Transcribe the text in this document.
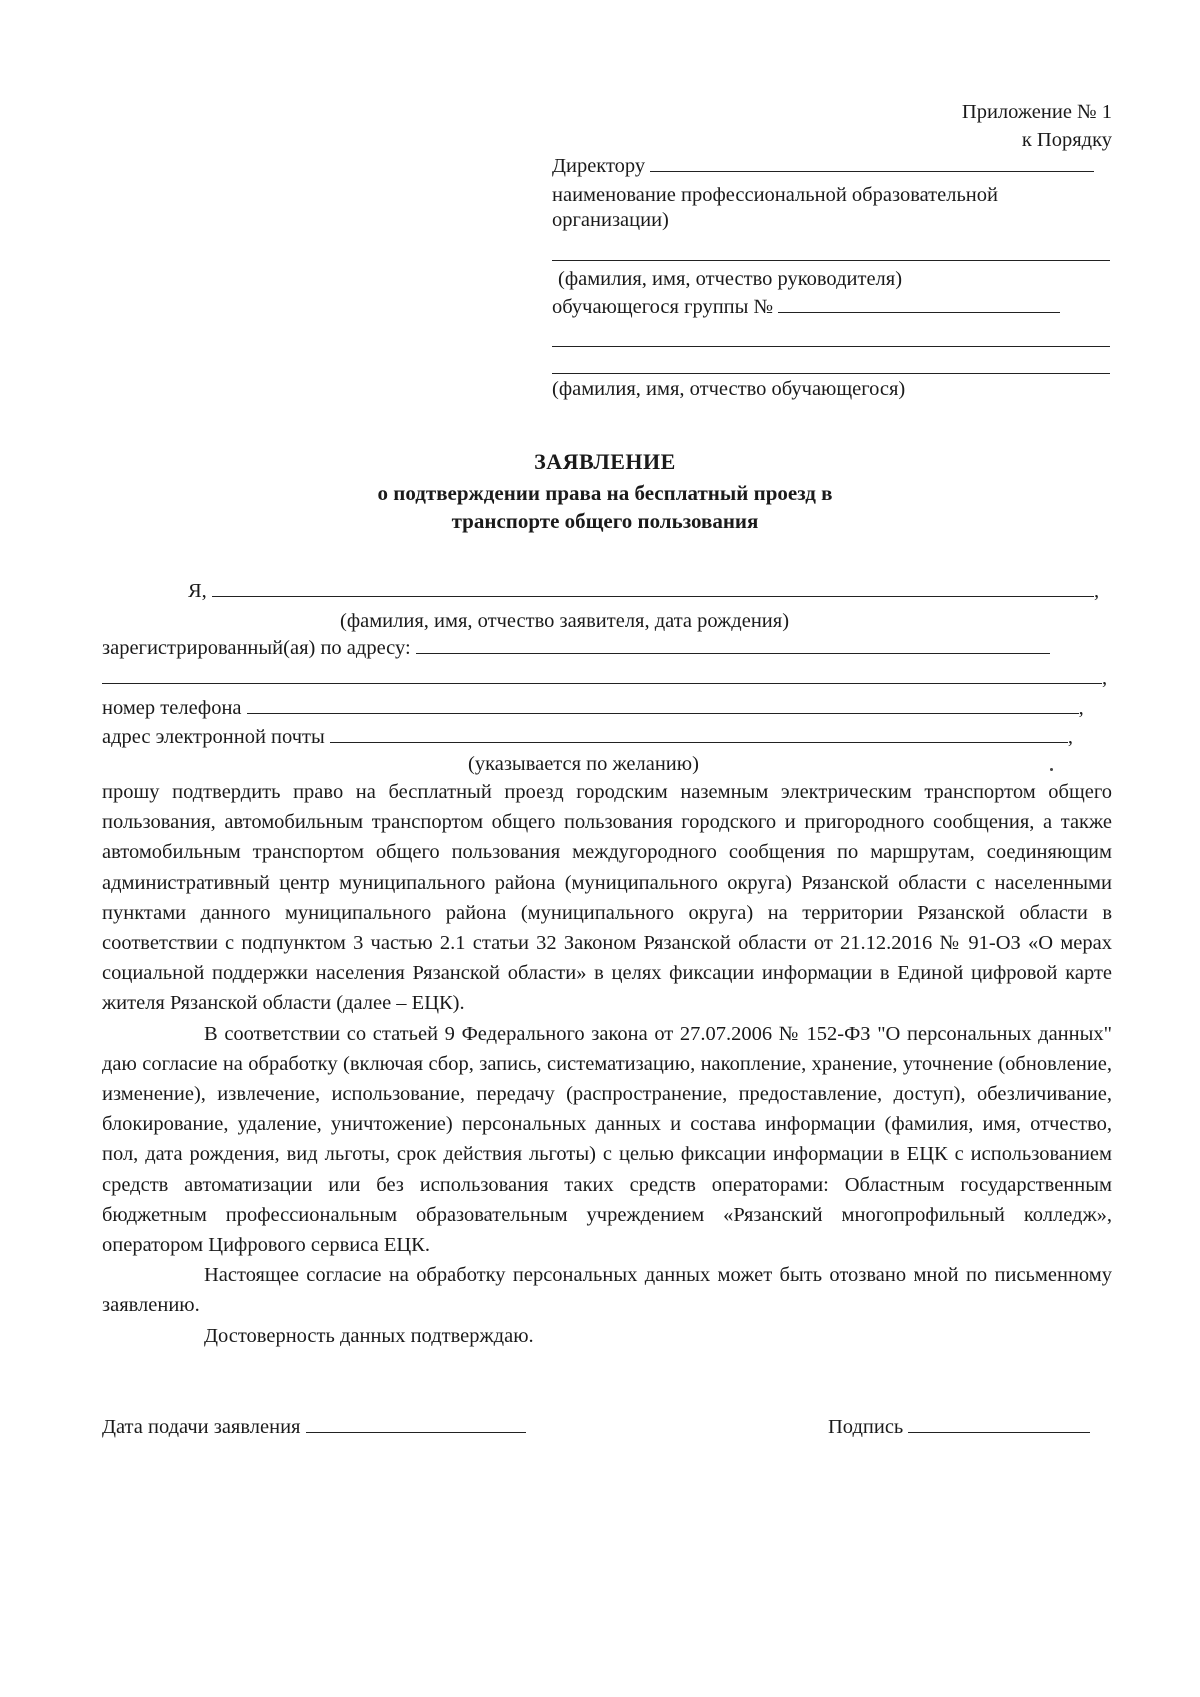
Приложение № 1
к Порядку
Директору
наименование профессиональной образовательной
организации)
(фамилия, имя, отчество руководителя)
обучающегося группы №
(фамилия, имя, отчество обучающегося)
ЗАЯВЛЕНИЕ
о подтверждении права на бесплатный проезд в
транспорте общего пользования
Я,	,
(фамилия, имя, отчество заявителя, дата рождения)
зарегистрированный(ая) по адресу:
,
номер телефона	,
адрес электронной почты	,
(указывается по желанию)

прошу подтвердить право на бесплатный проезд городским наземным электрическим транспортом общего пользования, автомобильным транспортом общего пользования городского и пригородного сообщения, а также автомобильным транспортом общего пользования междугородного сообщения по маршрутам, соединяющим административный центр муниципального района (муниципального округа) Рязанской области с населенными пунктами данного муниципального района (муниципального округа) на территории Рязанской области в соответствии с подпунктом 3 частью 2.1 статьи 32 Законом Рязанской области от 21.12.2016 № 91-ОЗ «О мерах социальной поддержки населения Рязанской области» в целях фиксации информации в Единой цифровой карте жителя Рязанской области (далее – ЕЦК).

В соответствии со статьей 9 Федерального закона от 27.07.2006 № 152-ФЗ "О персональных данных" даю согласие на обработку (включая сбор, запись, систематизацию, накопление, хранение, уточнение (обновление, изменение), извлечение, использование, передачу (распространение, предоставление, доступ), обезличивание, блокирование, удаление, уничтожение) персональных данных и состава информации (фамилия, имя, отчество, пол, дата рождения, вид льготы, срок действия льготы) с целью фиксации информации в ЕЦК с использованием средств автоматизации или без использования таких средств операторами: Областным государственным бюджетным профессиональным образовательным учреждением «Рязанский многопрофильный колледж», оператором Цифрового сервиса ЕЦК.

Настоящее согласие на обработку персональных данных может быть отозвано мной по письменному заявлению.

Достоверность данных подтверждаю.

Дата подачи заявления	Подпись
